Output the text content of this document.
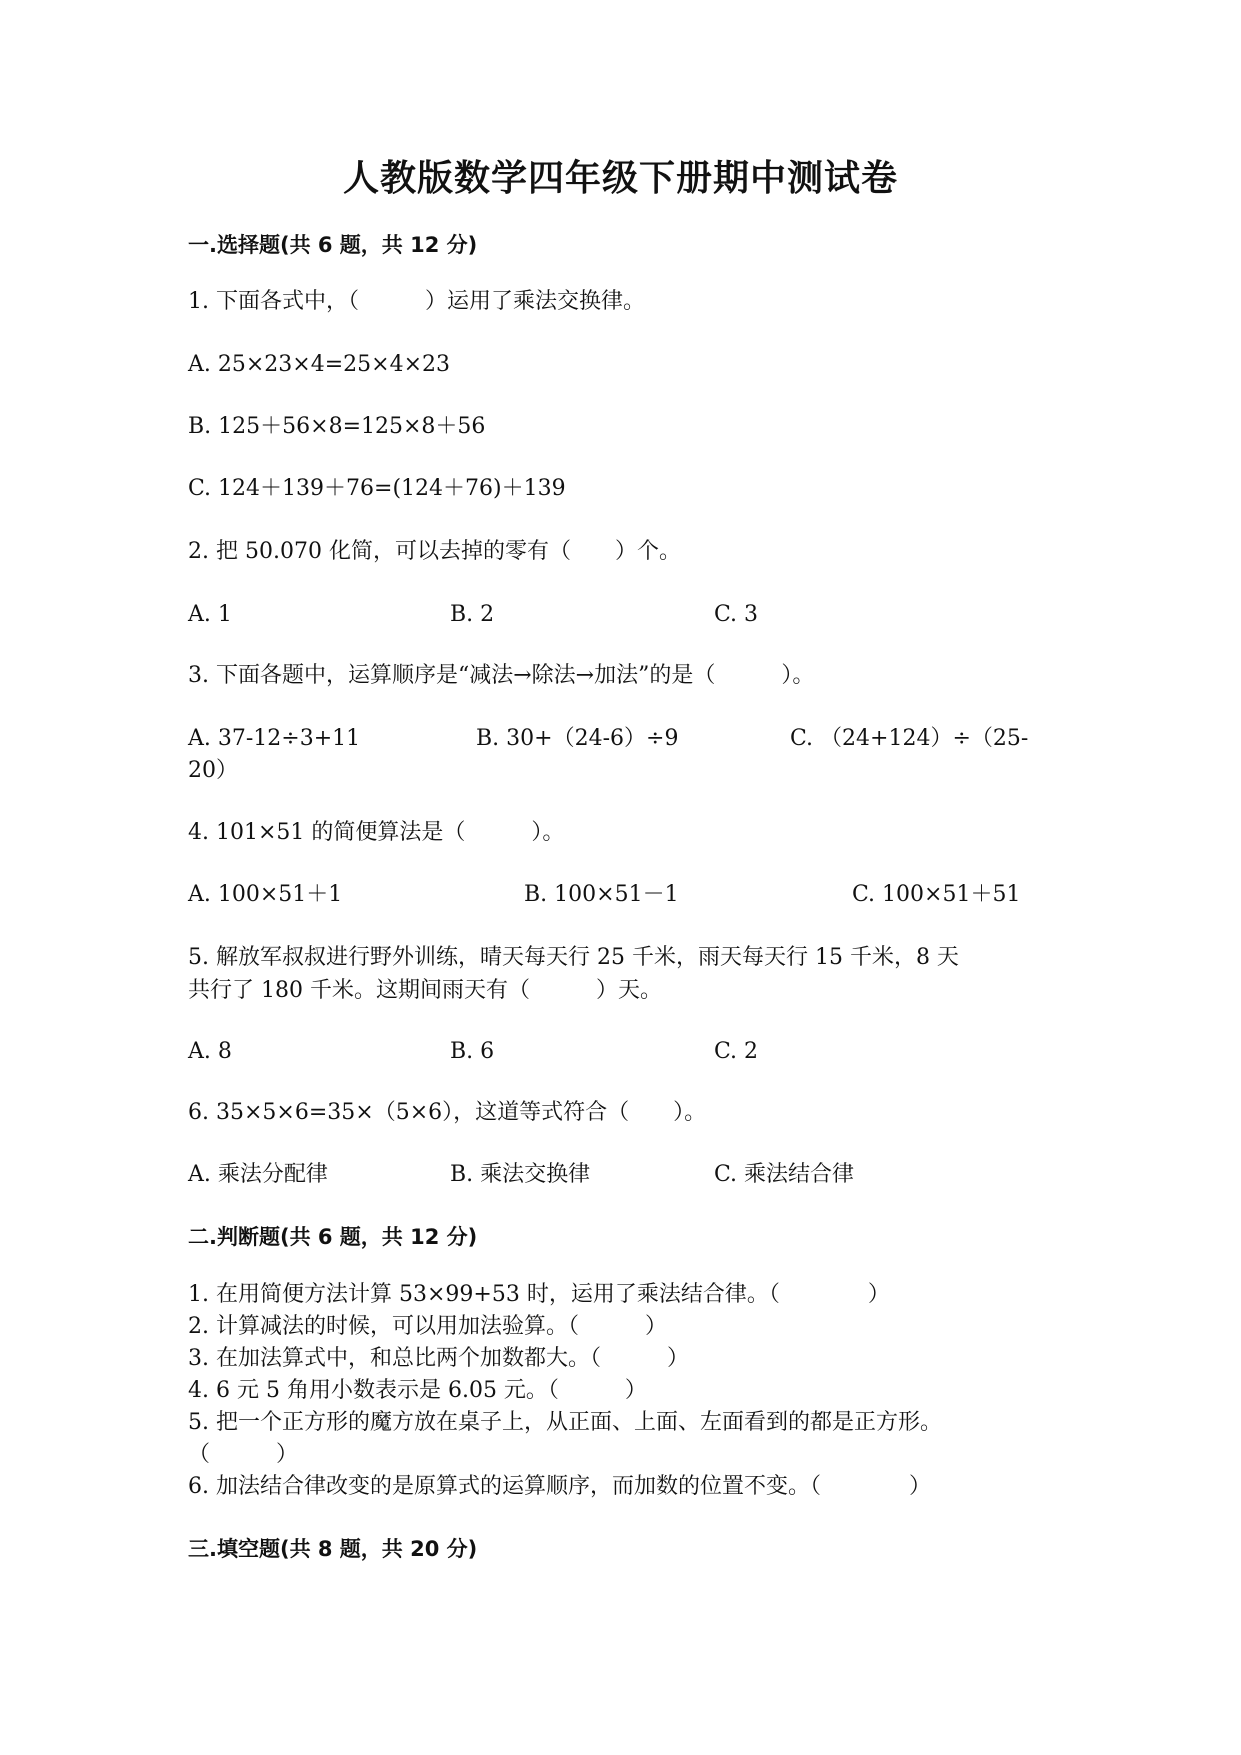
人教版数学四年级下册期中测试卷
一.选择题(共 6 题，共 12 分)
1. 下面各式中，（　　　）运用了乘法交换律。
A. 25×23×4=25×4×23
B. 125＋56×8=125×8＋56
C. 124＋139＋76=(124＋76)＋139
2. 把 50.070 化简，可以去掉的零有（　　）个。
A. 1	B. 2	C. 3
3. 下面各题中，运算顺序是“减法→除法→加法”的是（　　　）。
A. 37-12÷3+11	B. 30+（24-6）÷9	C. （24+124）÷（25-
20）
4. 101×51 的简便算法是（　　　）。
A. 100×51＋1	B. 100×51－1	C. 100×51＋51
5. 解放军叔叔进行野外训练，晴天每天行 25 千米，雨天每天行 15 千米，8 天
共行了 180 千米。这期间雨天有（　　　）天。
A. 8	B. 6	C. 2
6. 35×5×6=35×（5×6），这道等式符合（　　）。
A. 乘法分配律	B. 乘法交换律	C. 乘法结合律
二.判断题(共 6 题，共 12 分)
1. 在用简便方法计算 53×99+53 时，运用了乘法结合律。（　　　　）
2. 计算减法的时候，可以用加法验算。（　　　）
3. 在加法算式中，和总比两个加数都大。（　　　）
4. 6 元 5 角用小数表示是 6.05 元。（　　　）
5. 把一个正方形的魔方放在桌子上，从正面、上面、左面看到的都是正方形。
（　　　）
6. 加法结合律改变的是原算式的运算顺序，而加数的位置不变。（　　　　）
三.填空题(共 8 题，共 20 分)
